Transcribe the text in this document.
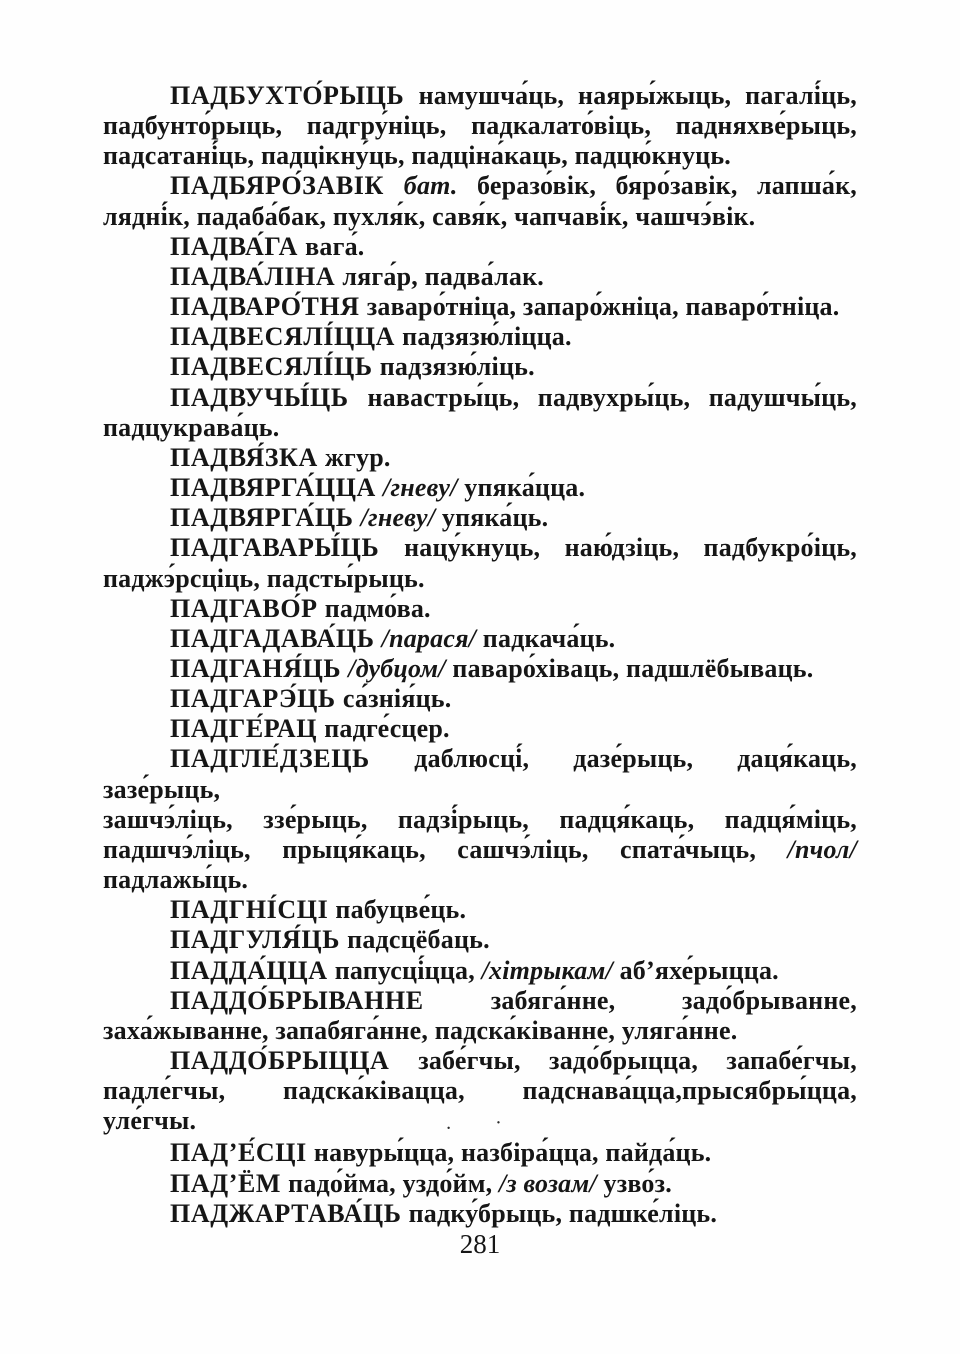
ПАДБУХТО́РЫЦЬ намушча́ць, наяры́жыць, пагалі́ць,
падбунто́рыць, падгру́ніць, падкалато́віць, падняхве́рыць,
падсатані́ць, падцікну́ць, падціна́каць, падцю́кнуць.
ПАДБЯРО́ЗАВІК бат. беразо́вік, бяро́завік, лапша́к,
лядні́к, падаба́бак, пухля́к, савя́к, чапчаві́к, чашчэ́вік.
ПАДВА́ГА вага́.
ПАДВА́ЛІНА ляга́р, падва́лак.
ПАДВАРО́ТНЯ заваро́тніца, запаро́жніца, паваро́тніца.
ПАДВЕСЯЛІ́ЦЦА падзязю́ліцца.
ПАДВЕСЯЛІ́ЦЬ падзязю́ліць.
ПАДВУЧЫ́ЦЬ навастры́ць, падвухры́ць, падушчы́ць,
падцукрава́ць.
ПАДВЯ́ЗКА жгур.
ПАДВЯРГА́ЦЦА /гневу/ упяка́цца.
ПАДВЯРГА́ЦЬ /гневу/ упяка́ць.
ПАДГАВАРЫ́ЦЬ нацу́кнуць, наю́дзіць, падбукро́іць,
паджэ́рсціць, падсты́рыць.
ПАДГАВО́Р падмо́ва.
ПАДГАДАВА́ЦЬ /парася/ падкача́ць.
ПАДГАНЯ́ЦЬ /дубцом/ паваро́хіваць, падшлёбываць.
ПАДГАРЭ́ЦЬ са́знія́ць.
ПАДГЕ́РАЦ падге́сцер.
ПАДГЛЕ́ДЗЕЦЬ даблюсці́, дазе́рыць, даця́каць, зазе́рыць,
зашчэ́ліць, ззе́рыць, падзі́рыць, падця́каць, падця́міць,
падшчэ́ліць, прыця́каць, сашчэ́ліць, спата́чыць, /пчол/
падлажы́ць.
ПАДГНІ́СЦІ пабуцве́ць.
ПАДГУЛЯ́ЦЬ падсцёбаць.
ПАДДА́ЦЦА папусці́цца, /хітрыкам/ аб’яхе́рыцца.
ПАДДО́БРЫВАННЕ забяга́нне, задо́брыванне,
заха́жыванне, запабяга́нне, падска́ківанне, уляга́нне.
ПАДДО́БРЫЦЦА забе́гчы, задо́брыцца, запабе́гчы,
падле́гчы, падска́ківацца, падснава́цца,прысябры́цца,
уле́гчы.	.·
ПАД’Е́СЦІ навуры́цца, назбіра́цца, пайда́ць.
ПАД’ЁМ падо́йма, уздо́йм, /з возам/ узво́з.
ПАДЖАРТАВА́ЦЬ падку́брыць, падшке́ліць.
281
